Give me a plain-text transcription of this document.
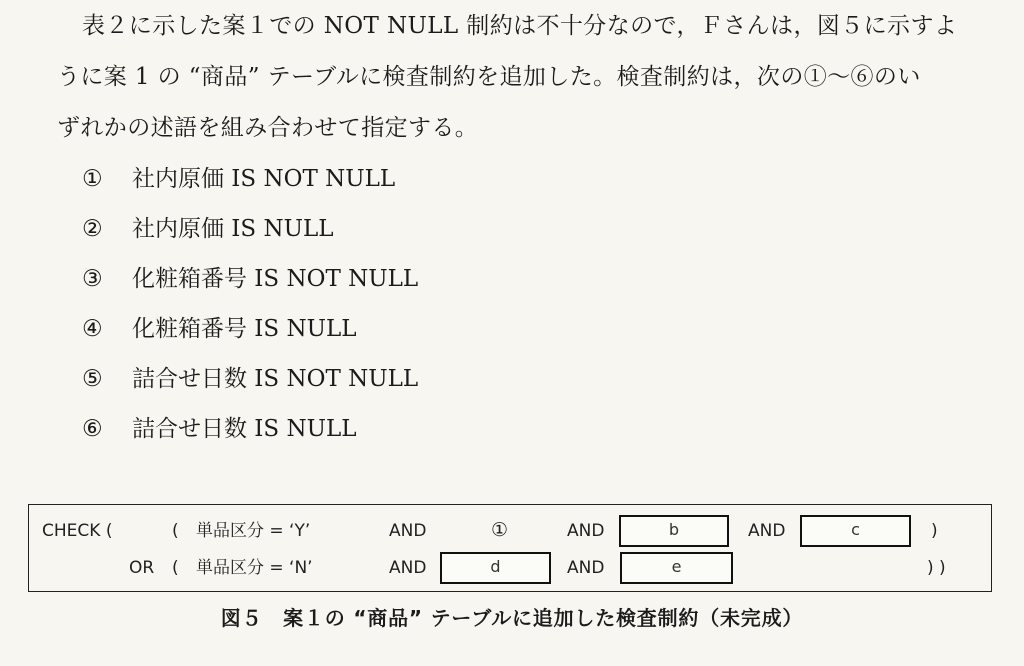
表２に示した案１での NOT NULL 制約は不十分なので，Ｆさんは，図５に示すよ
うに案 1 の “商品” テーブルに検査制約を追加した。検査制約は，次の①～⑥のい
ずれかの述語を組み合わせて指定する。
① 社内原価 IS NOT NULL
② 社内原価 IS NULL
③ 化粧箱番号 IS NOT NULL
④ 化粧箱番号 IS NULL
⑤ 詰合せ日数 IS NOT NULL
⑥ 詰合せ日数 IS NULL
CHECK (	( 単品区分 = ‘Y’	AND	①	AND	b	AND	c	)
OR ( 単品区分 = ‘N’	AND	d	AND	e	) )
図５　案１の “商品” テーブルに追加した検査制約（未完成）
